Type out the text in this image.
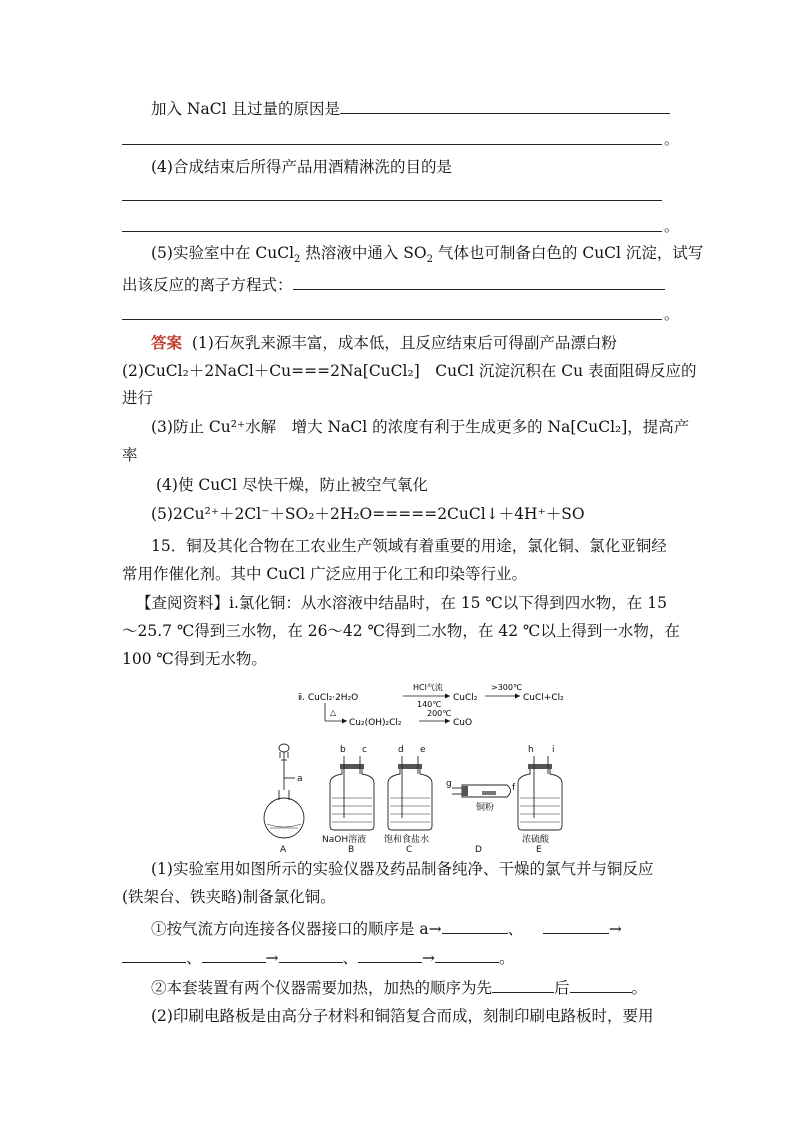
加入 NaCl 且过量的原因是
。
(4)合成结束后所得产品用酒精淋洗的目的是
。
(5)实验室中在 CuCl$_2$ 热溶液中通入 $SO_2$ 气体也可制备白色的 CuCl 沉淀，试写
出该反应的离子方程式：
。
答案 (1)石灰乳来源丰富，成本低，且反应结束后可得副产品漂白粉
(2)CuCl₂＋2NaCl＋Cu===2Na[CuCl₂]　CuCl 沉淀沉积在 Cu 表面阻碍反应的
进行
(3)防止 Cu²⁺水解　增大 NaCl 的浓度有利于生成更多的 Na[CuCl₂]，提高产
率
(4)使 CuCl 尽快干燥，防止被空气氧化
(5)2Cu²⁺＋2Cl⁻＋SO₂＋2H₂O=====2CuCl↓＋4H⁺＋SO
15．铜及其化合物在工农业生产领域有着重要的用途，氯化铜、氯化亚铜经
常用作催化剂。其中 CuCl 广泛应用于化工和印染等行业。
【查阅资料】ⅰ.氯化铜：从水溶液中结晶时，在 15 ℃以下得到四水物，在 15
～25.7 ℃得到三水物，在 26～42 ℃得到二水物，在 42 ℃以上得到一水物，在
100 ℃得到无水物。
ⅱ. CuCl₂·2H₂O
HCl气流
140℃
CuCl₂
>300℃
CuCl+Cl₂
△
Cu₂(OH)₂Cl₂
200℃
CuO
a
b c	d e
f
g
h i
铜粉
NaOH溶液 饱和食盐水	浓硫酸
A	B	C	D	E
(1)实验室用如图所示的实验仪器及药品制备纯净、干燥的氯气并与铜反应
(铁架台、铁夹略)制备氯化铜。
①按气流方向连接各仪器接口的顺序是 a→	、	→
、	→	、	→	。
②本套装置有两个仪器需要加热，加热的顺序为先	后	。
(2)印刷电路板是由高分子材料和铜箔复合而成，刻制印刷电路板时，要用
